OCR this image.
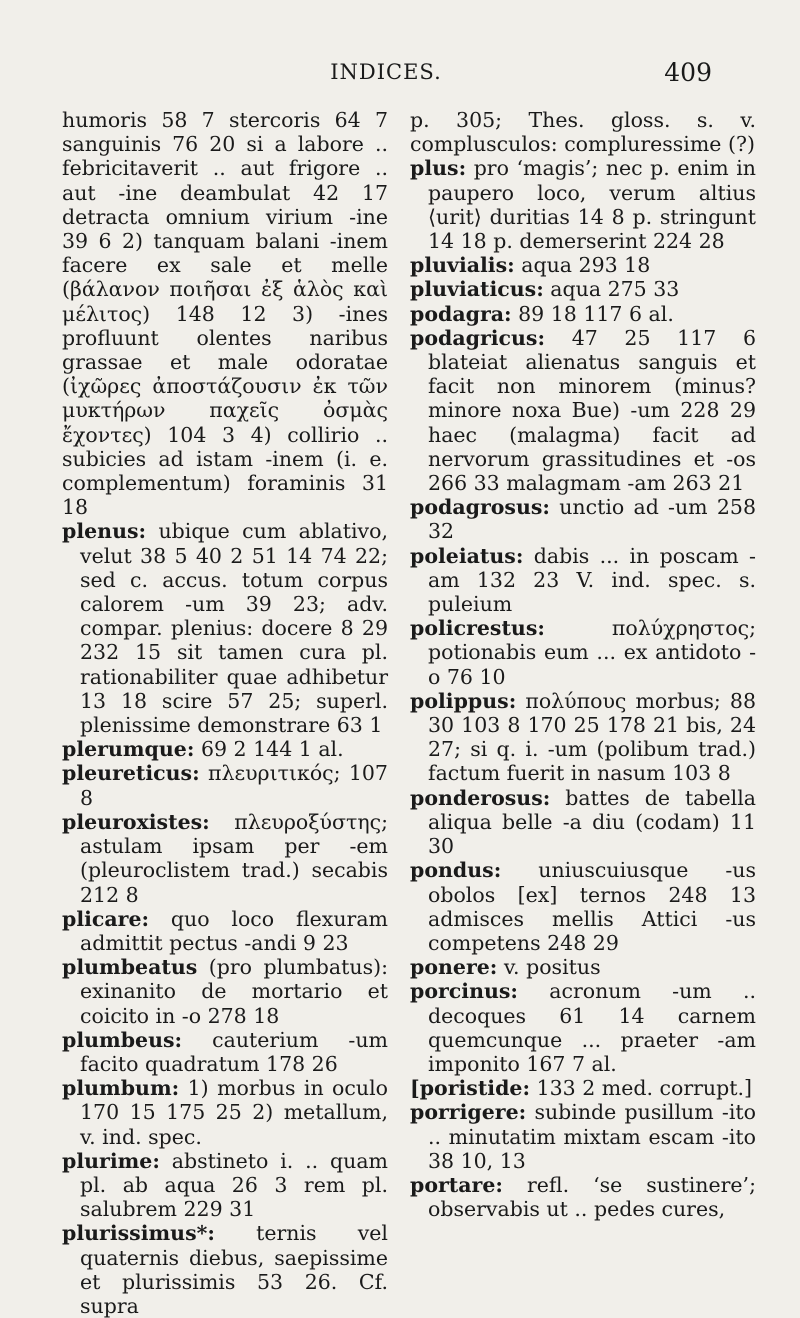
INDICES.	409

humoris 58 7 stercoris 64 7 sanguinis 76 20 si a labore .. febricitaverit .. aut frigore .. aut -ine deambulat 42 17 detracta omnium virium -ine 39 6 2) tanquam balani -inem facere ex sale et melle (βάλανον ποιῆσαι ἐξ ἁλὸς καὶ μέλιτος) 148 12 3) -ines profluunt olentes naribus grassae et male odoratae (ἰχῶρες ἀποστάζουσιν ἐκ τῶν μυκτήρων παχεῖς ὀσμὰς ἔχοντες) 104 3 4) collirio .. subicies ad istam -inem (i. e. complementum) foraminis 31 18

plenus: ubique cum ablativo, velut 38 5 40 2 51 14 74 22; sed c. accus. totum corpus calorem -um 39 23; adv. compar. plenius: docere 8 29 232 15 sit tamen cura pl. rationabiliter quae adhibetur 13 18 scire 57 25; superl. plenissime demonstrare 63 1

plerumque: 69 2 144 1 al.

pleureticus: πλευριτικός; 107 8

pleuroxistes: πλευροξύστης; astulam ipsam per -em (pleuroclistem trad.) secabis 212 8

plicare: quo loco flexuram admittit pectus -andi 9 23

plumbeatus (pro plumbatus): exinanito de mortario et coicito in -o 278 18

plumbeus: cauterium -um facito quadratum 178 26

plumbum: 1) morbus in oculo 170 15 175 25 2) metallum, v. ind. spec.

plurime: abstineto i. .. quam pl. ab aqua 26 3 rem pl. salubrem 229 31

plurissimus*: ternis vel quaternis diebus, saepissime et plurissimis 53 26. Cf. supra

p. 305; Thes. gloss. s. v. complusculos: compluressime (?)

plus: pro ‘magis’; nec p. enim in paupero loco, verum altius ⟨urit⟩ duritias 14 8 p. stringunt 14 18 p. demerserint 224 28

pluvialis: aqua 293 18

pluviaticus: aqua 275 33

podagra: 89 18 117 6 al.

podagricus: 47 25 117 6 blateiat alienatus sanguis et facit non minorem (minus? minore noxa Bue) -um 228 29 haec (malagma) facit ad nervorum grassitudines et -os 266 33 malagmam -am 263 21

podagrosus: unctio ad -um 258 32

poleiatus: dabis ... in poscam -am 132 23 V. ind. spec. s. puleium

policrestus:	πολύχρηστος; potionabis eum ... ex antidoto -o 76 10

polippus: πολύπους morbus; 88 30 103 8 170 25 178 21 bis, 24 27; si q. i. -um (polibum trad.) factum fuerit in nasum 103 8

ponderosus: battes de tabella aliqua belle -a diu (codam) 11 30

pondus: uniuscuiusque -us obolos [ex] ternos 248 13 admisces mellis Attici -us competens 248 29

ponere: v. positus

porcinus: acronum -um .. decoques 61 14 carnem quemcunque ... praeter -am imponito 167 7 al.

[poristide: 133 2 med. corrupt.]

porrigere: subinde pusillum -ito .. minutatim mixtam escam -ito 38 10, 13

portare: refl. ‘se sustinere’; observabis ut .. pedes cures,
